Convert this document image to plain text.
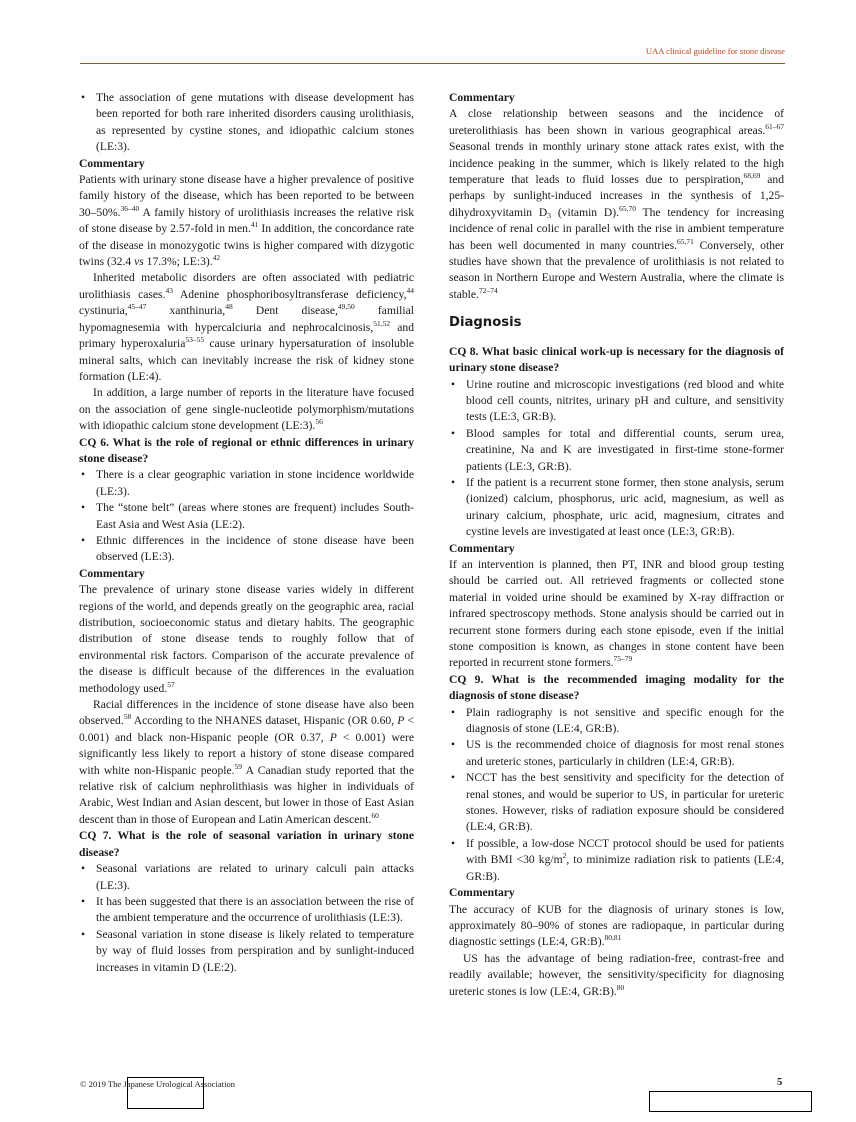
UAA clinical guideline for stone disease
• The association of gene mutations with disease development has been reported for both rare inherited disorders causing urolithiasis, as represented by cystine stones, and idiopathic calcium stones (LE:3).

Commentary

Patients with urinary stone disease have a higher prevalence of positive family history of the disease, which has been reported to be between 30–50%.$^{36-40}$ A family history of urolithiasis increases the relative risk of stone disease by 2.57-fold in men.$^{41}$ In addition, the concordance rate of the disease in monozygotic twins is higher compared with dizygotic twins (32.4 vs 17.3%; LE:3).$^{42}$

Inherited metabolic disorders are often associated with pediatric urolithiasis cases.$^{43}$ Adenine phosphoribosyltransferase deficiency,$^{44}$ cystinuria,$^{45-47}$ xanthinuria,$^{48}$ Dent disease,$^{49,50}$ familial hypomagnesemia with hypercalciuria and nephrocalcinosis,$^{51,52}$ and primary hyperoxaluria$^{53-55}$ cause urinary hypersaturation of insoluble mineral salts, which can inevitably increase the risk of kidney stone formation (LE:4).

In addition, a large number of reports in the literature have focused on the association of gene single-nucleotide polymorphism/mutations with idiopathic calcium stone development (LE:3).$^{56}$

CQ 6. What is the role of regional or ethnic differences in urinary stone disease?

• There is a clear geographic variation in stone incidence worldwide (LE:3).
• The “stone belt” (areas where stones are frequent) includes South-East Asia and West Asia (LE:2).
• Ethnic differences in the incidence of stone disease have been observed (LE:3).

Commentary

The prevalence of urinary stone disease varies widely in different regions of the world, and depends greatly on the geographic area, racial distribution, socioeconomic status and dietary habits. The geographic distribution of stone disease tends to roughly follow that of environmental risk factors. Comparison of the accurate prevalence of the disease is difficult because of the differences in the evaluation methodology used.$^{57}$

Racial differences in the incidence of stone disease have also been observed.$^{58}$ According to the NHANES dataset, Hispanic (OR 0.60, P < 0.001) and black non-Hispanic people (OR 0.37, P < 0.001) were significantly less likely to report a history of stone disease compared with white non-Hispanic people.$^{59}$ A Canadian study reported that the relative risk of calcium nephrolithiasis was higher in individuals of Arabic, West Indian and Asian descent, but lower in those of East Asian descent than in those of European and Latin American descent.$^{60}$

CQ 7. What is the role of seasonal variation in urinary stone disease?

• Seasonal variations are related to urinary calculi pain attacks (LE:3).
• It has been suggested that there is an association between the rise of the ambient temperature and the occurrence of urolithiasis (LE:3).
• Seasonal variation in stone disease is likely related to temperature by way of fluid losses from perspiration and by sunlight-induced increases in vitamin D (LE:2).

Commentary

A close relationship between seasons and the incidence of ureterolithiasis has been shown in various geographical areas.$^{61-67}$ Seasonal trends in monthly urinary stone attack rates exist, with the incidence peaking in the summer, which is likely related to the high temperature that leads to fluid losses due to perspiration,$^{68,69}$ and perhaps by sunlight-induced increases in the synthesis of 1,25-dihydroxyvitamin $D_3$ (vitamin D).$^{65,70}$ The tendency for increasing incidence of renal colic in parallel with the rise in ambient temperature has been well documented in many countries.$^{65,71}$ Conversely, other studies have shown that the prevalence of urolithiasis is not related to season in Northern Europe and Western Australia, where the climate is stable.$^{72-74}$

Diagnosis

CQ 8. What basic clinical work-up is necessary for the diagnosis of urinary stone disease?

• Urine routine and microscopic investigations (red blood and white blood cell counts, nitrites, urinary pH and culture, and sensitivity tests (LE:3, GR:B).
• Blood samples for total and differential counts, serum urea, creatinine, Na and K are investigated in first-time stone-former patients (LE:3, GR:B).
• If the patient is a recurrent stone former, then stone analysis, serum (ionized) calcium, phosphorus, uric acid, magnesium, as well as urinary calcium, phosphate, uric acid, magnesium, citrates and cystine levels are investigated at least once (LE:3, GR:B).

Commentary

If an intervention is planned, then PT, INR and blood group testing should be carried out. All retrieved fragments or collected stone material in voided urine should be examined by X-ray diffraction or infrared spectroscopy methods. Stone analysis should be carried out in recurrent stone formers during each stone episode, even if the initial stone composition is known, as changes in stone content have been reported in recurrent stone formers.$^{75-79}$

CQ 9. What is the recommended imaging modality for the diagnosis of stone disease?

• Plain radiography is not sensitive and specific enough for the diagnosis of stone (LE:4, GR:B).
• US is the recommended choice of diagnosis for most renal stones and ureteric stones, particularly in children (LE:4, GR:B).
• NCCT has the best sensitivity and specificity for the detection of renal stones, and would be superior to US, in particular for ureteric stones. However, risks of radiation exposure should be considered (LE:4, GR:B).
• If possible, a low-dose NCCT protocol should be used for patients with BMI <30 $kg/m^2$, to minimize radiation risk to patients (LE:4, GR:B).

Commentary

The accuracy of KUB for the diagnosis of urinary stones is low, approximately 80–90% of stones are radiopaque, in particular during diagnostic settings (LE:4, GR:B).$^{80,81}$

US has the advantage of being radiation-free, contrast-free and readily available; however, the sensitivity/specificity for diagnosing ureteric stones is low (LE:4, GR:B).$^{80}$

© 2019 The Japanese Urological Association	5
